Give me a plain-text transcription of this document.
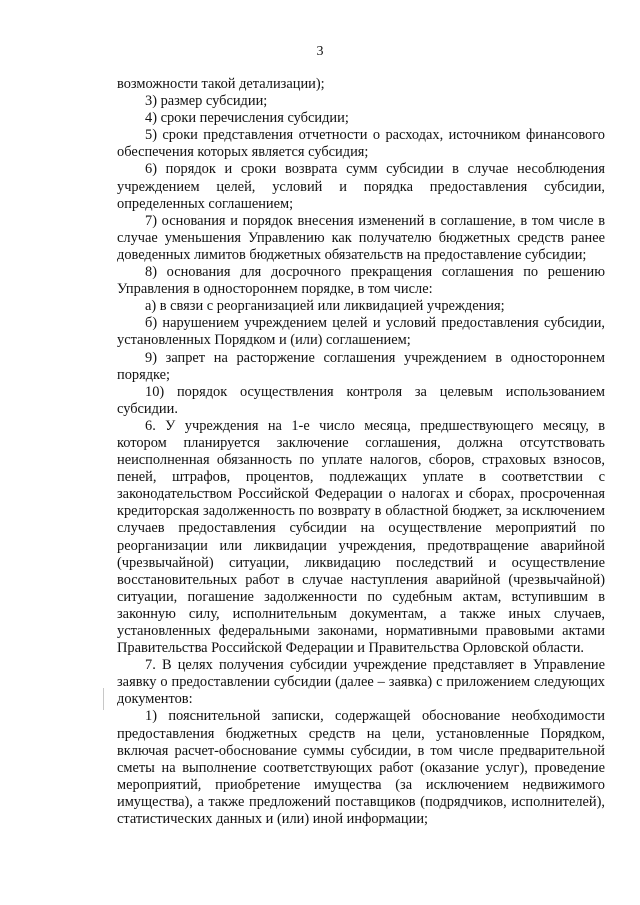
3

возможности такой детализации);

3) размер субсидии;

4) сроки перечисления субсидии;

5) сроки представления отчетности о расходах, источником финансового обеспечения которых является субсидия;

6) порядок и сроки возврата сумм субсидии в случае несоблюдения учреждением целей, условий и порядка предоставления субсидии, определенных соглашением;

7) основания и порядок внесения изменений в соглашение, в том числе в случае уменьшения Управлению как получателю бюджетных средств ранее доведенных лимитов бюджетных обязательств на предоставление субсидии;

8) основания для досрочного прекращения соглашения по решению Управления в одностороннем порядке, в том числе:

а) в связи с реорганизацией или ликвидацией учреждения;

б) нарушением учреждением целей и условий предоставления субсидии, установленных Порядком и (или) соглашением;

9) запрет на расторжение соглашения учреждением в одностороннем порядке;

10) порядок осуществления контроля за целевым использованием субсидии.

6. У учреждения на 1-е число месяца, предшествующего месяцу, в котором планируется заключение соглашения, должна отсутствовать неисполненная обязанность по уплате налогов, сборов, страховых взносов, пеней, штрафов, процентов, подлежащих уплате в соответствии с законодательством Российской Федерации о налогах и сборах, просроченная кредиторская задолженность по возврату в областной бюджет, за исключением случаев предоставления субсидии на осуществление мероприятий по реорганизации или ликвидации учреждения, предотвращение аварийной (чрезвычайной) ситуации, ликвидацию последствий и осуществление восстановительных работ в случае наступления аварийной (чрезвычайной) ситуации, погашение задолженности по судебным актам, вступившим в законную силу, исполнительным документам, а также иных случаев, установленных федеральными законами, нормативными правовыми актами Правительства Российской Федерации и Правительства Орловской области.

7. В целях получения субсидии учреждение представляет в Управление заявку о предоставлении субсидии (далее – заявка) с приложением следующих документов:

1) пояснительной записки, содержащей обоснование необходимости предоставления бюджетных средств на цели, установленные Порядком, включая расчет-обоснование суммы субсидии, в том числе предварительной сметы на выполнение соответствующих работ (оказание услуг), проведение мероприятий, приобретение имущества (за исключением недвижимого имущества), а также предложений поставщиков (подрядчиков, исполнителей), статистических данных и (или) иной информации;
